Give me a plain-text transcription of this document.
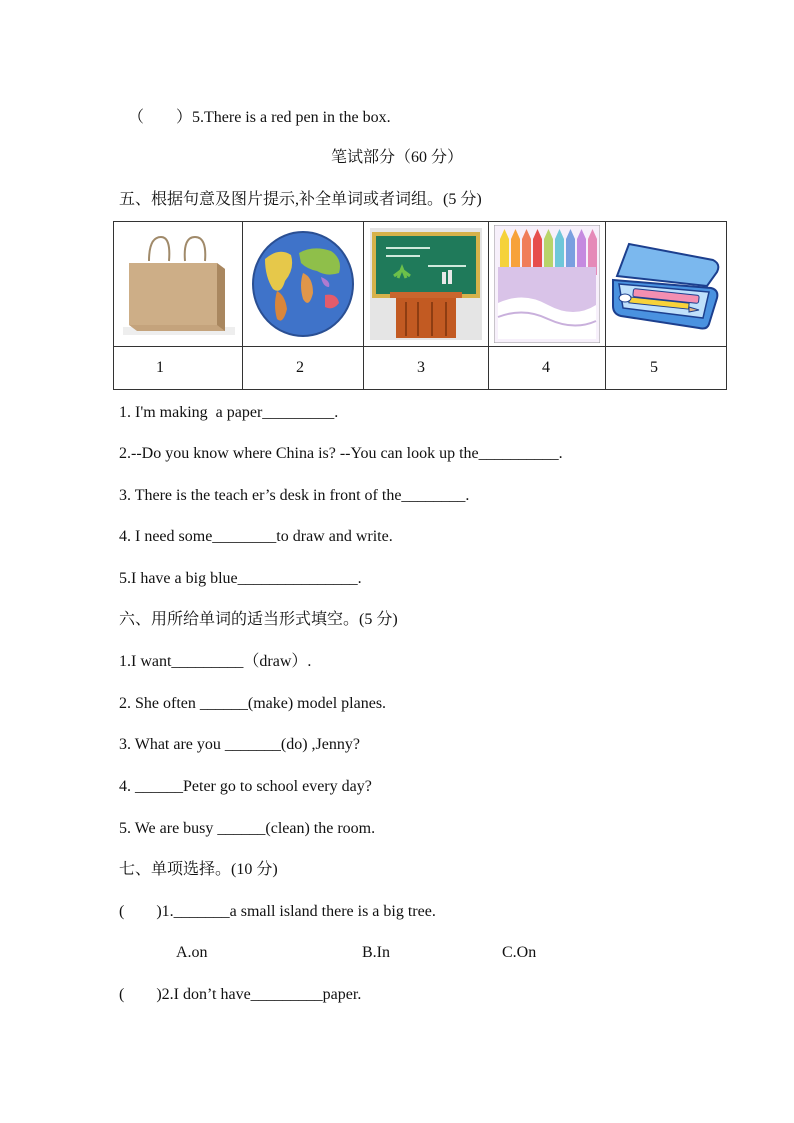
（        ）5.There is a red pen in the box.
笔试部分（60 分）
五、根据句意及图片提示,补全单词或者词组。(5 分)

1	2	3	4	5
1. I'm making  a paper_________.
2.--Do you know where China is? --You can look up the__________.
3. There is the teach er’s desk in front of the________.
4. I need some________to draw and write.
5.I have a big blue_______________.
六、用所给单词的适当形式填空。(5 分)
1.I want_________（draw）.
2. She often ______(make) model planes.
3. What are you _______(do) ,Jenny?
4. ______Peter go to school every day?
5. We are busy ______(clean) the room.
七、单项选择。(10 分)
(        )1._______a small island there is a big tree.
A.on	B.In	C.On
(        )2.I don’t have_________paper.
